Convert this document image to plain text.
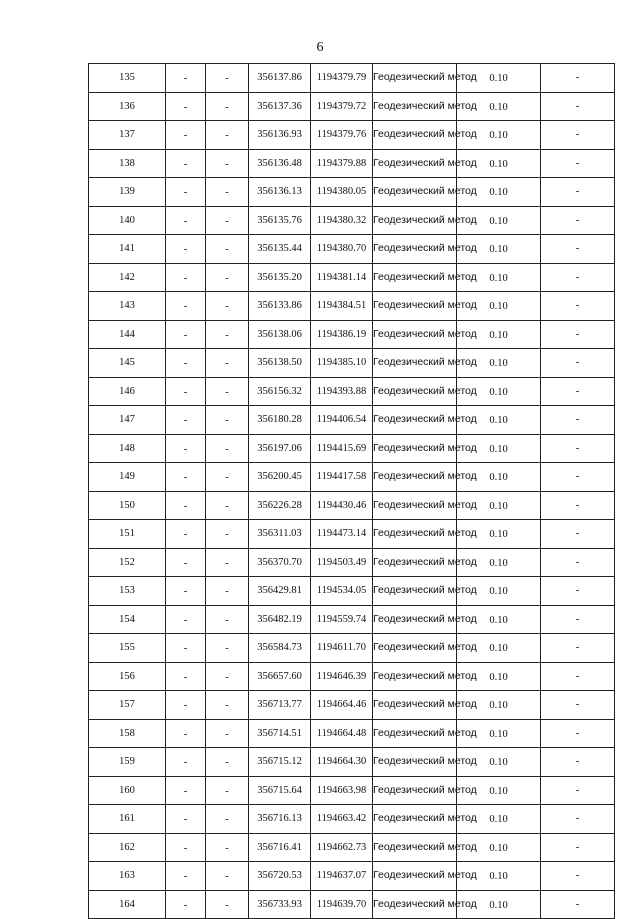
6
135	-	-	356137.86	1194379.79	Геодезический метод	0.10	-
136	-	-	356137.36	1194379.72	Геодезический метод	0.10	-
137	-	-	356136.93	1194379.76	Геодезический метод	0.10	-
138	-	-	356136.48	1194379.88	Геодезический метод	0.10	-
139	-	-	356136.13	1194380.05	Геодезический метод	0.10	-
140	-	-	356135.76	1194380.32	Геодезический метод	0.10	-
141	-	-	356135.44	1194380.70	Геодезический метод	0.10	-
142	-	-	356135.20	1194381.14	Геодезический метод	0.10	-
143	-	-	356133.86	1194384.51	Геодезический метод	0.10	-
144	-	-	356138.06	1194386.19	Геодезический метод	0.10	-
145	-	-	356138.50	1194385.10	Геодезический метод	0.10	-
146	-	-	356156.32	1194393.88	Геодезический метод	0.10	-
147	-	-	356180.28	1194406.54	Геодезический метод	0.10	-
148	-	-	356197.06	1194415.69	Геодезический метод	0.10	-
149	-	-	356200.45	1194417.58	Геодезический метод	0.10	-
150	-	-	356226.28	1194430.46	Геодезический метод	0.10	-
151	-	-	356311.03	1194473.14	Геодезический метод	0.10	-
152	-	-	356370.70	1194503.49	Геодезический метод	0.10	-
153	-	-	356429.81	1194534.05	Геодезический метод	0.10	-
154	-	-	356482.19	1194559.74	Геодезический метод	0.10	-
155	-	-	356584.73	1194611.70	Геодезический метод	0.10	-
156	-	-	356657.60	1194646.39	Геодезический метод	0.10	-
157	-	-	356713.77	1194664.46	Геодезический метод	0.10	-
158	-	-	356714.51	1194664.48	Геодезический метод	0.10	-
159	-	-	356715.12	1194664.30	Геодезический метод	0.10	-
160	-	-	356715.64	1194663.98	Геодезический метод	0.10	-
161	-	-	356716.13	1194663.42	Геодезический метод	0.10	-
162	-	-	356716.41	1194662.73	Геодезический метод	0.10	-
163	-	-	356720.53	1194637.07	Геодезический метод	0.10	-
164	-	-	356733.93	1194639.70	Геодезический метод	0.10	-
